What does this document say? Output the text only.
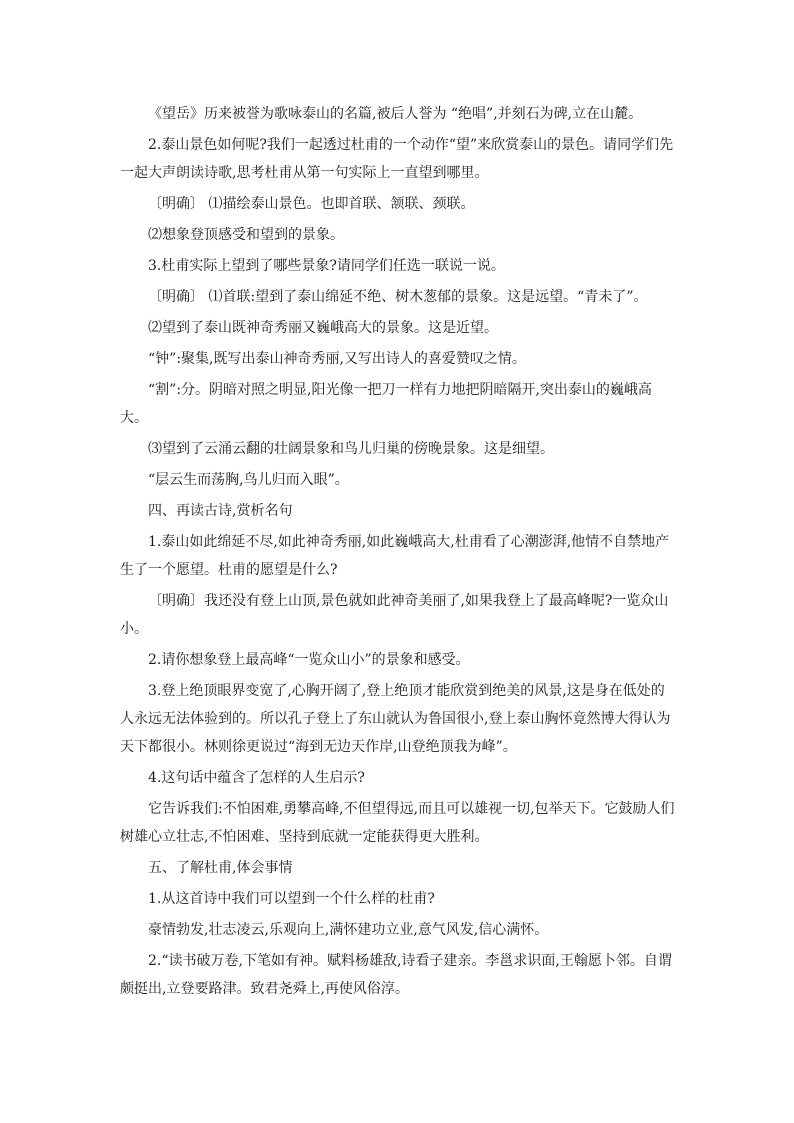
《望岳》历来被誉为歌咏泰山的名篇,被后人誉为 “绝唱”,并刻石为碑,立在山麓。

2.泰山景色如何呢?我们一起透过杜甫的一个动作“望”来欣赏泰山的景色。请同学们先一起大声朗读诗歌,思考杜甫从第一句实际上一直望到哪里。

〔明确〕 ⑴描绘泰山景色。也即首联、颔联、颈联。

⑵想象登顶感受和望到的景象。

3.杜甫实际上望到了哪些景象?请同学们任选一联说一说。

〔明确〕 ⑴首联:望到了泰山绵延不绝、树木葱郁的景象。这是远望。“青未了”。

⑵望到了泰山既神奇秀丽又巍峨高大的景象。这是近望。

“钟”:聚集,既写出泰山神奇秀丽,又写出诗人的喜爱赞叹之情。

“割”:分。阴暗对照之明显,阳光像一把刀一样有力地把阴暗隔开,突出泰山的巍峨高大。

⑶望到了云涌云翻的壮阔景象和鸟儿归巢的傍晚景象。这是细望。

“层云生而荡胸,鸟儿归而入眼”。

四、再读古诗,赏析名句

1.泰山如此绵延不尽,如此神奇秀丽,如此巍峨高大,杜甫看了心潮澎湃,他情不自禁地产生了一个愿望。杜甫的愿望是什么?

〔明确〕我还没有登上山顶,景色就如此神奇美丽了,如果我登上了最高峰呢?一览众山小。

2.请你想象登上最高峰“一览众山小”的景象和感受。

3.登上绝顶眼界变宽了,心胸开阔了,登上绝顶才能欣赏到绝美的风景,这是身在低处的人永远无法体验到的。所以孔子登上了东山就认为鲁国很小,登上泰山胸怀竟然博大得认为天下都很小。林则徐更说过“海到无边天作岸,山登绝顶我为峰”。

4.这句话中蕴含了怎样的人生启示?

它告诉我们:不怕困难,勇攀高峰,不但望得远,而且可以雄视一切,包举天下。它鼓励人们树雄心立壮志,不怕困难、坚持到底就一定能获得更大胜利。

五、了解杜甫,体会事情

1.从这首诗中我们可以望到一个什么样的杜甫?

豪情勃发,壮志凌云,乐观向上,满怀建功立业,意气风发,信心满怀。

2.“读书破万卷,下笔如有神。赋料杨雄敌,诗看子建亲。李邕求识面,王翰愿卜邻。自谓颇挺出,立登要路津。致君尧舜上,再使风俗淳。
